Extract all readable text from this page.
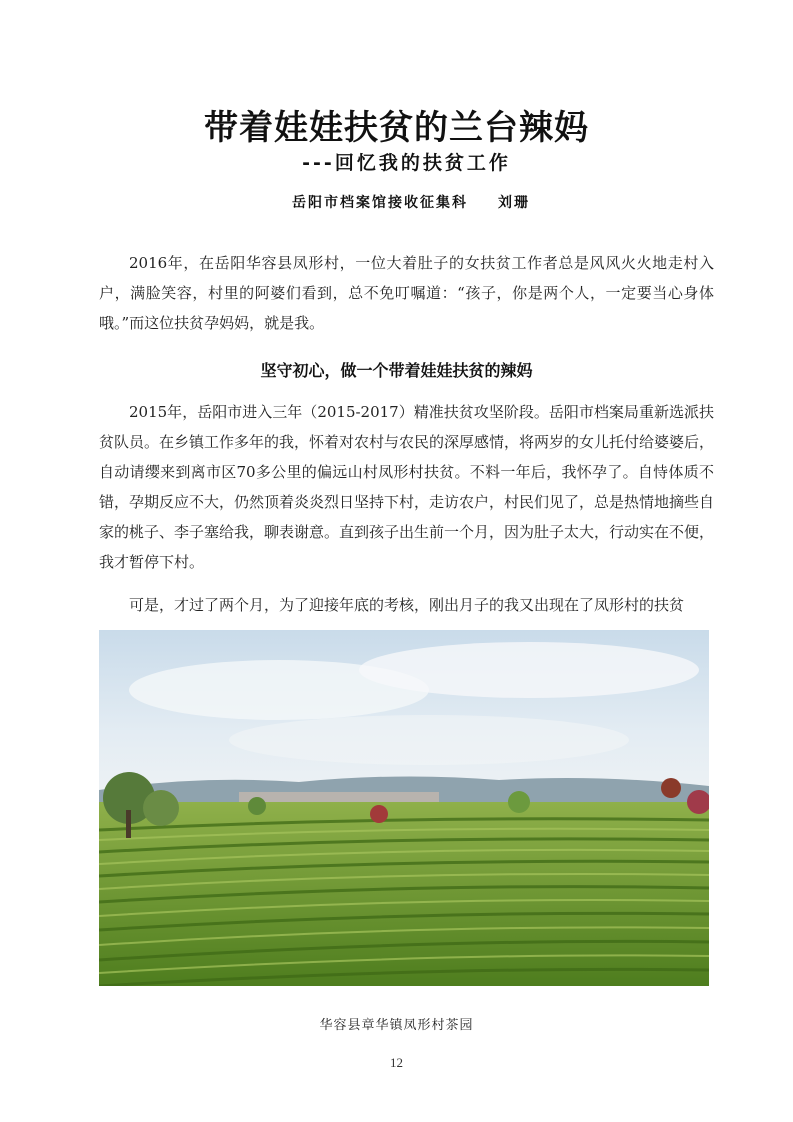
带着娃娃扶贫的兰台辣妈
---回忆我的扶贫工作
岳阳市档案馆接收征集科 刘珊

2016年，在岳阳华容县凤形村，一位大着肚子的女扶贫工作者总是风风火火地走村入户，满脸笑容，村里的阿婆们看到，总不免叮嘱道：“孩子，你是两个人，一定要当心身体哦。”而这位扶贫孕妈妈，就是我。

坚守初心，做一个带着娃娃扶贫的辣妈

2015年，岳阳市进入三年（2015-2017）精准扶贫攻坚阶段。岳阳市档案局重新选派扶贫队员。在乡镇工作多年的我，怀着对农村与农民的深厚感情，将两岁的女儿托付给婆婆后，自动请缨来到离市区70多公里的偏远山村凤形村扶贫。不料一年后，我怀孕了。自恃体质不错，孕期反应不大，仍然顶着炎炎烈日坚持下村，走访农户，村民们见了，总是热情地摘些自家的桃子、李子塞给我，聊表谢意。直到孩子出生前一个月，因为肚子太大，行动实在不便，我才暂停下村。

可是，才过了两个月，为了迎接年底的考核，刚出月子的我又出现在了凤形村的扶贫

华容县章华镇凤形村茶园
12
